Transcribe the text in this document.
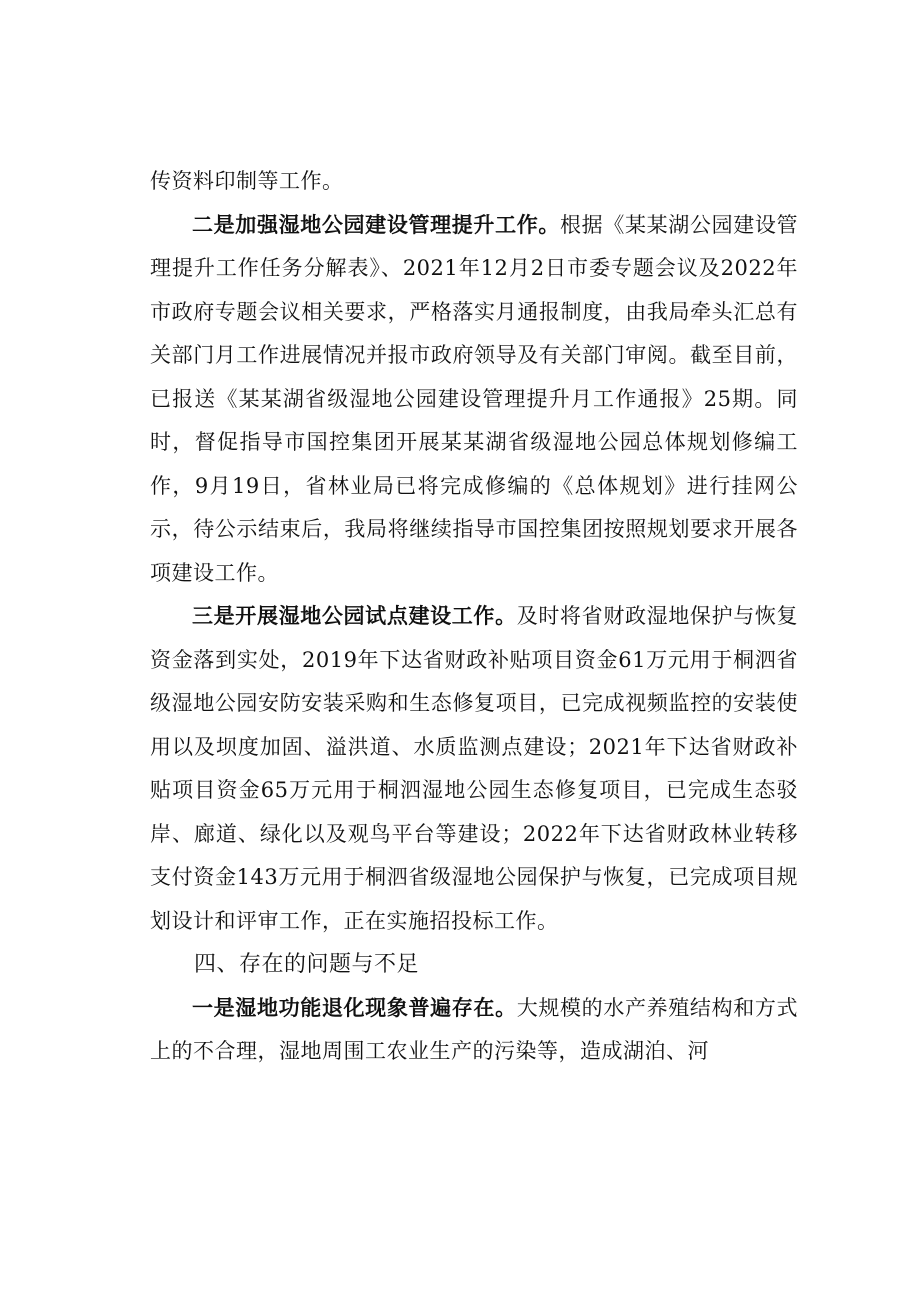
传资料印制等工作。

二是加强湿地公园建设管理提升工作。根据《某某湖公园建设管理提升工作任务分解表》、2021年12月2日市委专题会议及2022年市政府专题会议相关要求，严格落实月通报制度，由我局牵头汇总有关部门月工作进展情况并报市政府领导及有关部门审阅。截至目前，已报送《某某湖省级湿地公园建设管理提升月工作通报》25期。同时，督促指导市国控集团开展某某湖省级湿地公园总体规划修编工作，9月19日，省林业局已将完成修编的《总体规划》进行挂网公示，待公示结束后，我局将继续指导市国控集团按照规划要求开展各项建设工作。

三是开展湿地公园试点建设工作。及时将省财政湿地保护与恢复资金落到实处，2019年下达省财政补贴项目资金61万元用于桐泗省级湿地公园安防安装采购和生态修复项目，已完成视频监控的安装使用以及坝度加固、溢洪道、水质监测点建设；2021年下达省财政补贴项目资金65万元用于桐泗湿地公园生态修复项目，已完成生态驳岸、廊道、绿化以及观鸟平台等建设；2022年下达省财政林业转移支付资金143万元用于桐泗省级湿地公园保护与恢复，已完成项目规划设计和评审工作，正在实施招投标工作。

四、存在的问题与不足

一是湿地功能退化现象普遍存在。大规模的水产养殖结构和方式上的不合理，湿地周围工农业生产的污染等，造成湖泊、河
